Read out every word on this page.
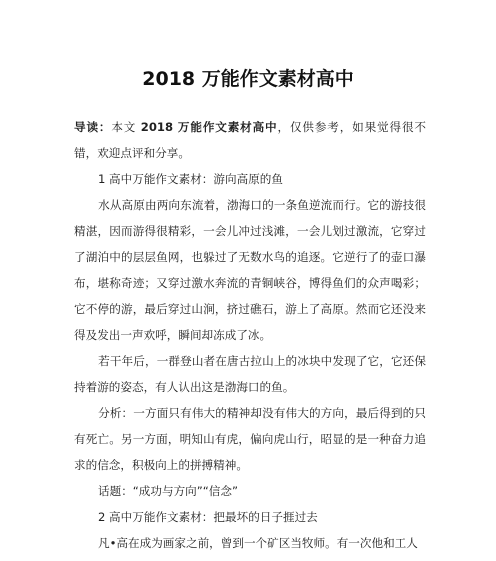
2018 万能作文素材高中
导读：本文 2018 万能作文素材高中，仅供参考，如果觉得很不错，欢迎点评和分享。
1 高中万能作文素材：游向高原的鱼
水从高原由两向东流着，渤海口的一条鱼逆流而行。它的游技很精湛，因而游得很精彩，一会儿冲过浅滩，一会儿划过激流，它穿过了湖泊中的层层鱼网，也躲过了无数水鸟的追逐。它逆行了的壶口瀑布，堪称奇迹；又穿过激水奔流的青铜峡谷，博得鱼们的众声喝彩；它不停的游，最后穿过山涧，挤过礁石，游上了高原。然而它还没来得及发出一声欢呼，瞬间却冻成了冰。
若干年后，一群登山者在唐古拉山上的冰块中发现了它，它还保持着游的姿态，有人认出这是渤海口的鱼。
分析：一方面只有伟大的精神却没有伟大的方向，最后得到的只有死亡。另一方面，明知山有虎，偏向虎山行，昭显的是一种奋力追求的信念，积极向上的拼搏精神。
话题：“成功与方向”“信念”
2 高中万能作文素材：把最坏的日子捱过去
凡•高在成为画家之前，曾到一个矿区当牧师。有一次他和工人
